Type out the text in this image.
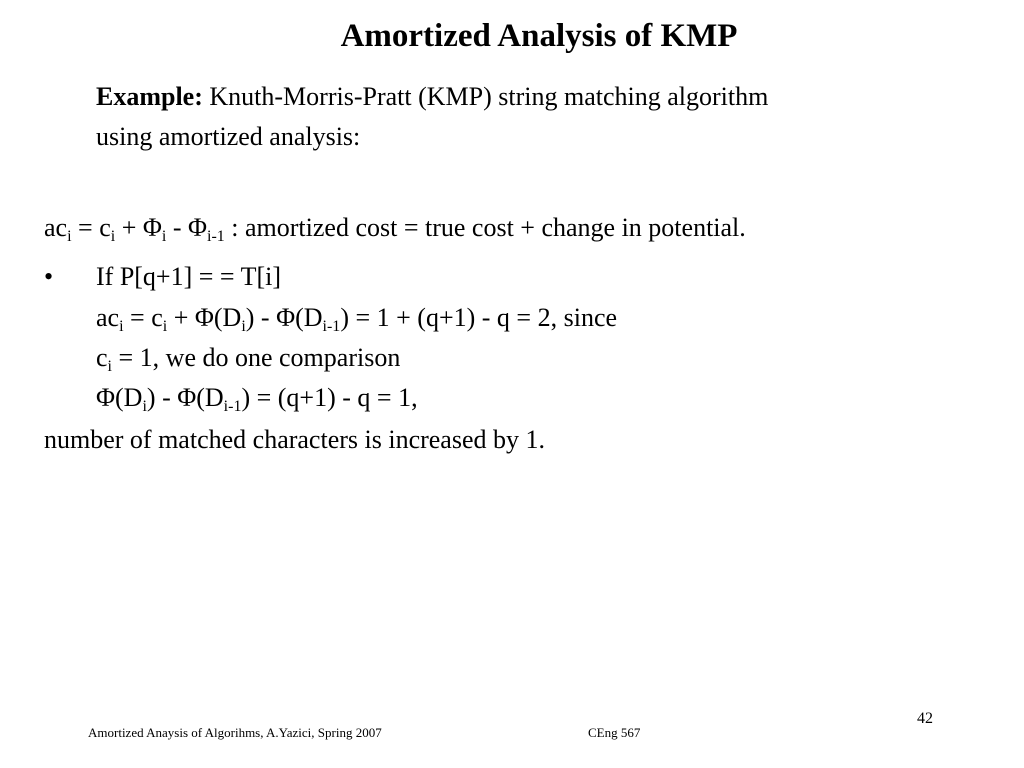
Amortized Analysis of KMP
Example: Knuth-Morris-Pratt (KMP) string matching algorithm
using amortized analysis:
$ac_i = c_i + \Phi_i - \Phi_{i-1}$ : amortized cost = true cost + change in potential.
• If P[q+1] = = T[i]
$ac_i = c_i + \Phi(D_i) - \Phi(D_{i-1}) = 1 + (q+1) - q = 2$, since
$c_i = 1$, we do one comparison
$\Phi(D_i) - \Phi(D_{i-1}) = (q+1) - q = 1$,
number of matched characters is increased by 1.
Amortized Anaysis of Algorihms, A.Yazici, Spring 2007	CEng 567
42
